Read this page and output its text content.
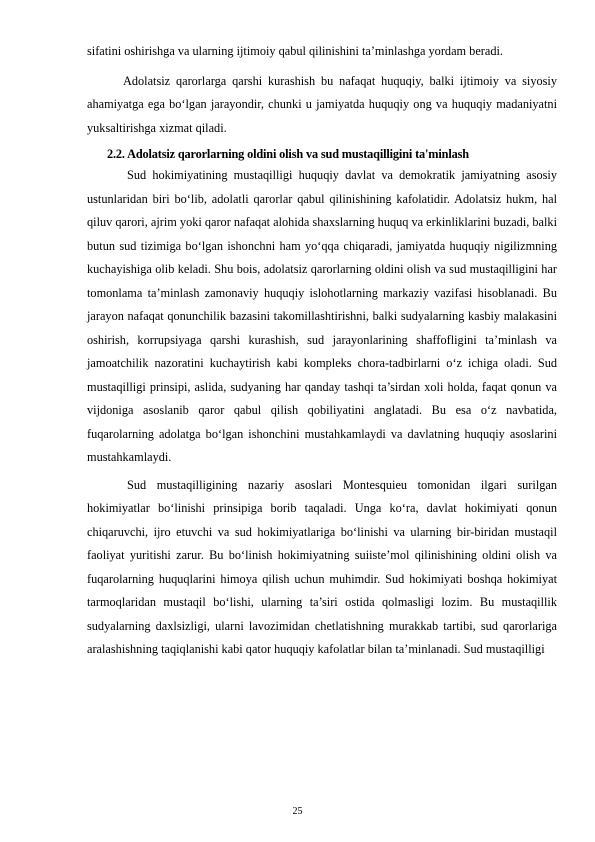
sifatini oshirishga va ularning ijtimoiy qabul qilinishini ta’minlashga yordam beradi.

Adolatsiz qarorlarga qarshi kurashish bu nafaqat huquqiy, balki ijtimoiy va siyosiy ahamiyatga ega bo‘lgan jarayondir, chunki u jamiyatda huquqiy ong va huquqiy madaniyatni yuksaltirishga xizmat qiladi.

2.2. Adolatsiz qarorlarning oldini olish va sud mustaqilligini ta'minlash

Sud hokimiyatining mustaqilligi huquqiy davlat va demokratik jamiyatning asosiy ustunlaridan biri bo‘lib, adolatli qarorlar qabul qilinishining kafolatidir. Adolatsiz hukm, hal qiluv qarori, ajrim yoki qaror nafaqat alohida shaxslarning huquq va erkinliklarini buzadi, balki butun sud tizimiga bo‘lgan ishonchni ham yo‘qqa chiqaradi, jamiyatda huquqiy nigilizmning kuchayishiga olib keladi. Shu bois, adolatsiz qarorlarning oldini olish va sud mustaqilligini har tomonlama ta’minlash zamonaviy huquqiy islohotlarning markaziy vazifasi hisoblanadi. Bu jarayon nafaqat qonunchilik bazasini takomillashtirishni, balki sudyalarning kasbiy malakasini oshirish, korrupsiyaga qarshi kurashish, sud jarayonlarining shaffofligini ta’minlash va jamoatchilik nazoratini kuchaytirish kabi kompleks chora-tadbirlarni o‘z ichiga oladi. Sud mustaqilligi prinsipi, aslida, sudyaning har qanday tashqi ta’sirdan xoli holda, faqat qonun va vijdoniga asoslanib qaror qabul qilish qobiliyatini anglatadi. Bu esa o‘z navbatida, fuqarolarning adolatga bo‘lgan ishonchini mustahkamlaydi va davlatning huquqiy asoslarini mustahkamlaydi.

Sud mustaqilligining nazariy asoslari Montesquieu tomonidan ilgari surilgan hokimiyatlar bo‘linishi prinsipiga borib taqaladi. Unga ko‘ra, davlat hokimiyati qonun chiqaruvchi, ijro etuvchi va sud hokimiyatlariga bo‘linishi va ularning bir-biridan mustaqil faoliyat yuritishi zarur. Bu bo‘linish hokimiyatning suiiste’mol qilinishining oldini olish va fuqarolarning huquqlarini himoya qilish uchun muhimdir. Sud hokimiyati boshqa hokimiyat tarmoqlaridan mustaqil bo‘lishi, ularning ta’siri ostida qolmasligi lozim. Bu mustaqillik sudyalarning daxlsizligi, ularni lavozimidan chetlatishning murakkab tartibi, sud qarorlariga aralashishning taqiqlanishi kabi qator huquqiy kafolatlar bilan ta’minlanadi. Sud mustaqilligi

25
